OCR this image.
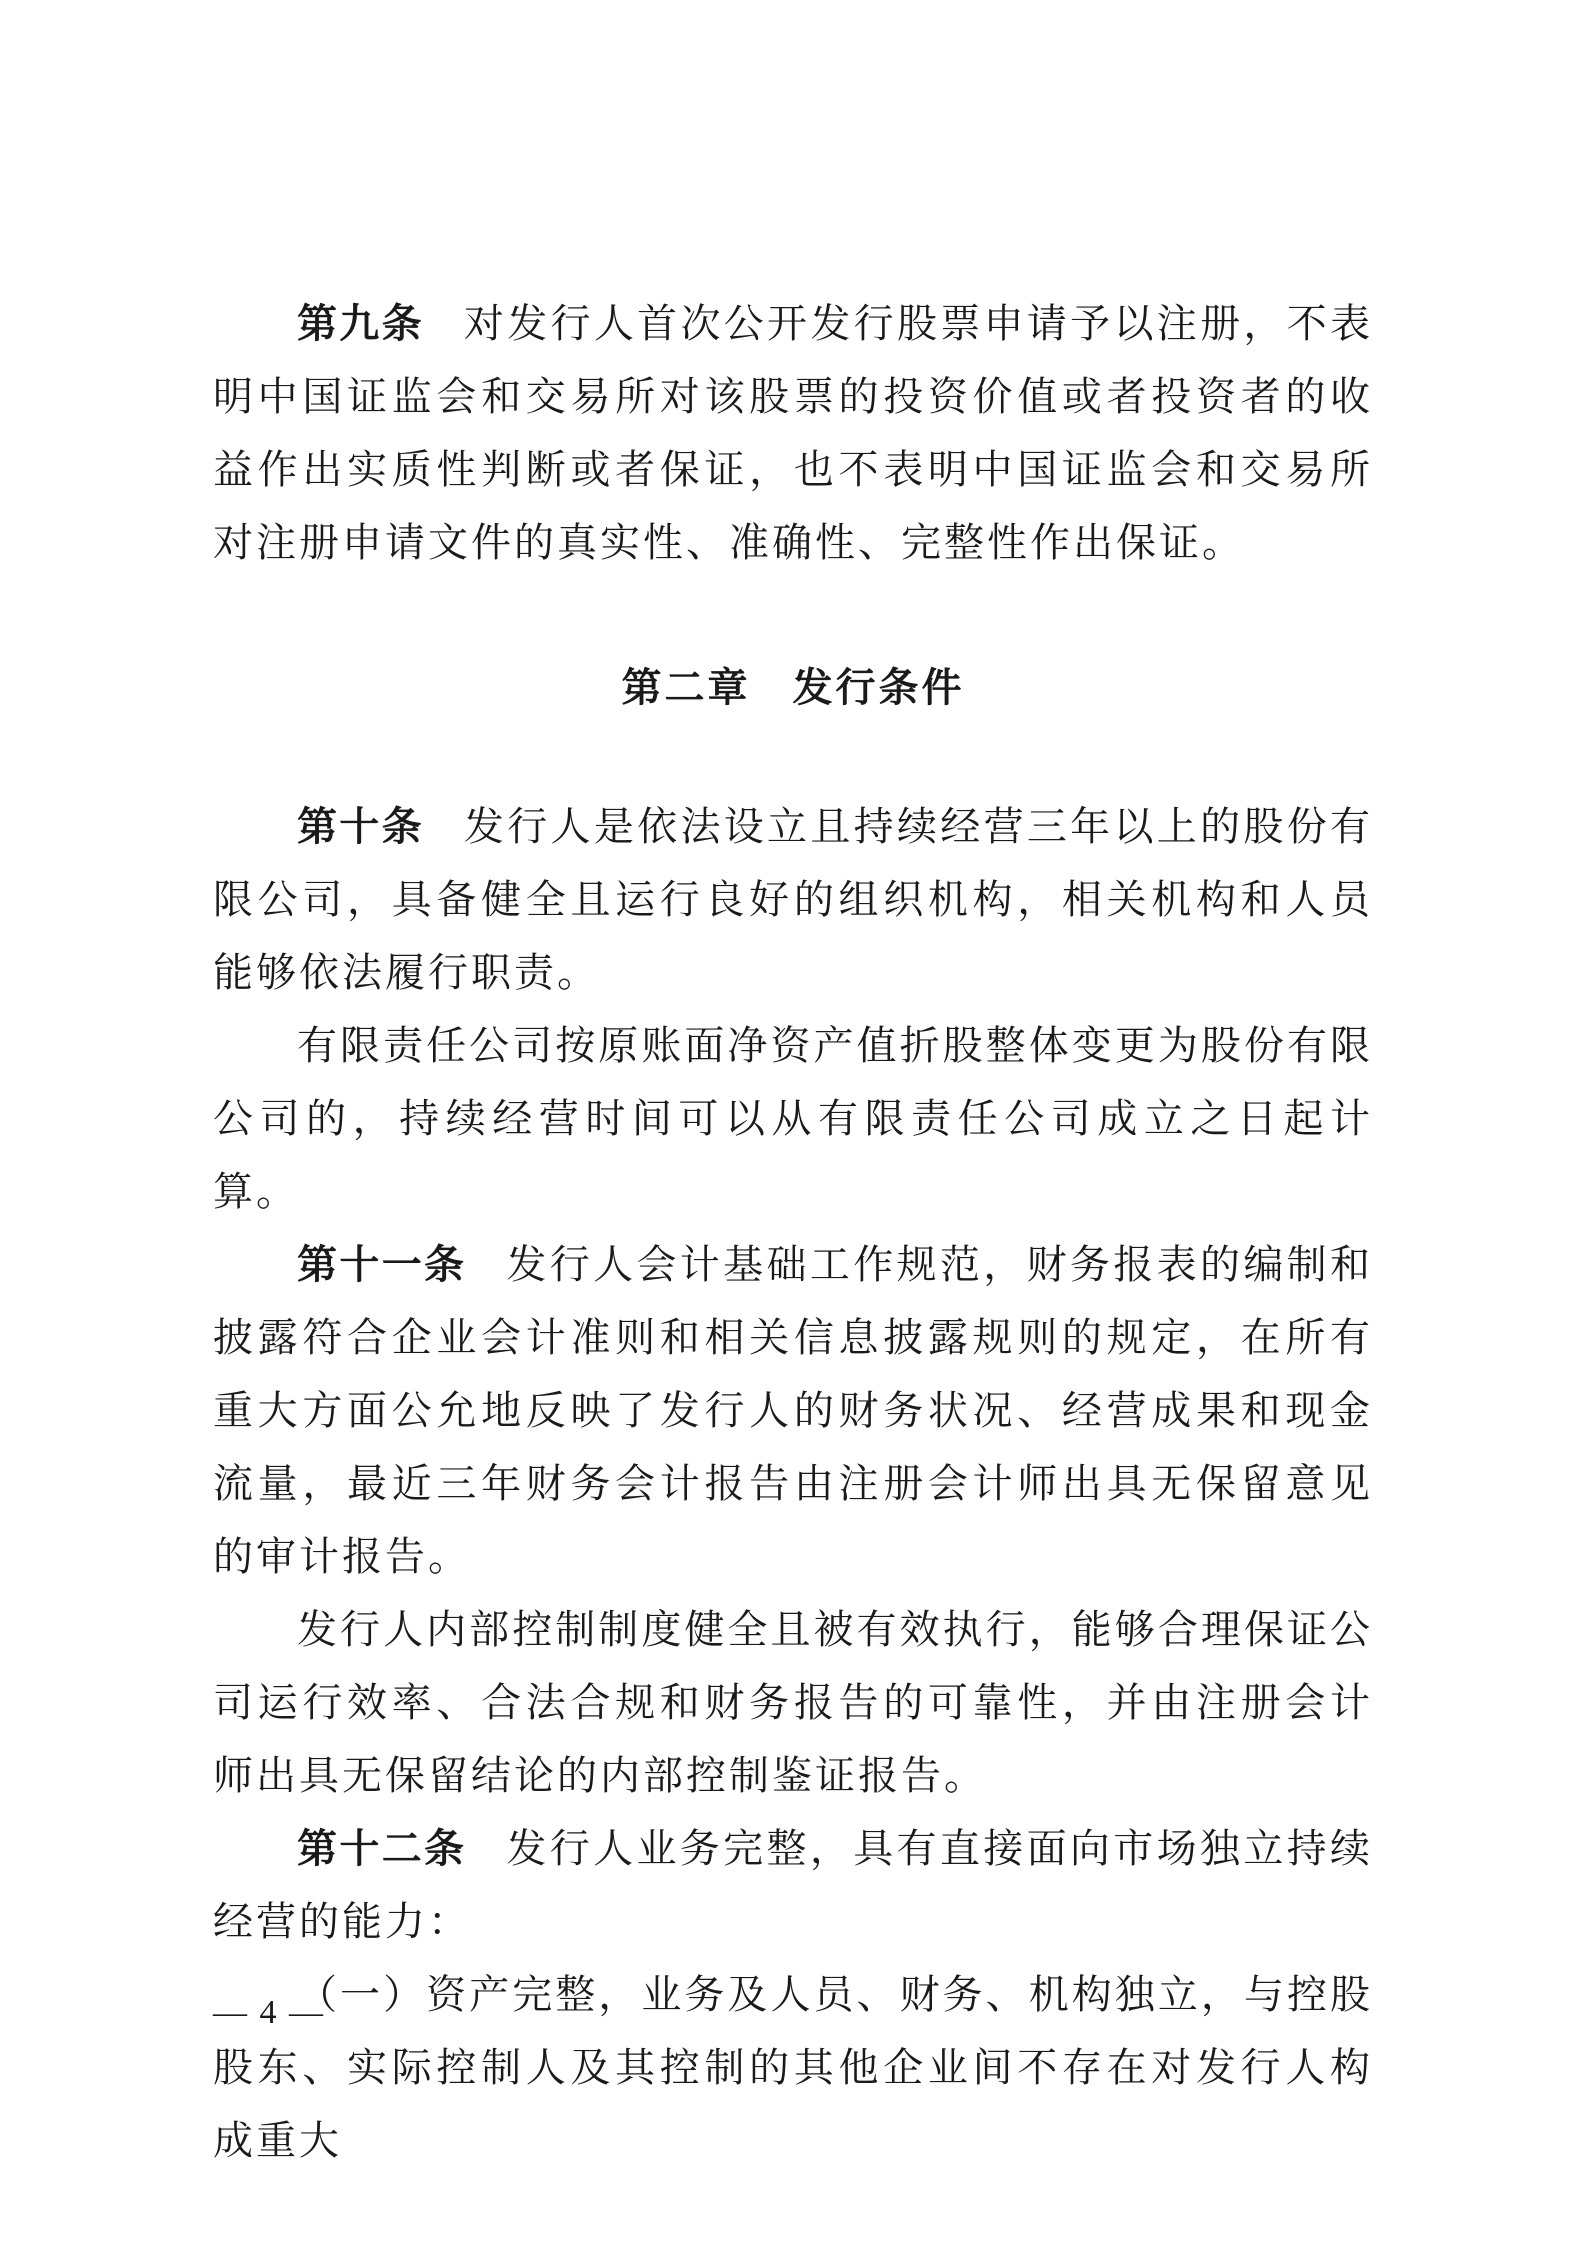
第九条 对发行人首次公开发行股票申请予以注册，不表明中国证监会和交易所对该股票的投资价值或者投资者的收益作出实质性判断或者保证，也不表明中国证监会和交易所对注册申请文件的真实性、准确性、完整性作出保证。

第二章 发行条件

第十条 发行人是依法设立且持续经营三年以上的股份有限公司，具备健全且运行良好的组织机构，相关机构和人员能够依法履行职责。

有限责任公司按原账面净资产值折股整体变更为股份有限公司的，持续经营时间可以从有限责任公司成立之日起计算。

第十一条 发行人会计基础工作规范，财务报表的编制和披露符合企业会计准则和相关信息披露规则的规定，在所有重大方面公允地反映了发行人的财务状况、经营成果和现金流量，最近三年财务会计报告由注册会计师出具无保留意见的审计报告。

发行人内部控制制度健全且被有效执行，能够合理保证公司运行效率、合法合规和财务报告的可靠性，并由注册会计师出具无保留结论的内部控制鉴证报告。

第十二条 发行人业务完整，具有直接面向市场独立持续经营的能力：

（一）资产完整，业务及人员、财务、机构独立，与控股股东、实际控制人及其控制的其他企业间不存在对发行人构成重大

— 4 —
